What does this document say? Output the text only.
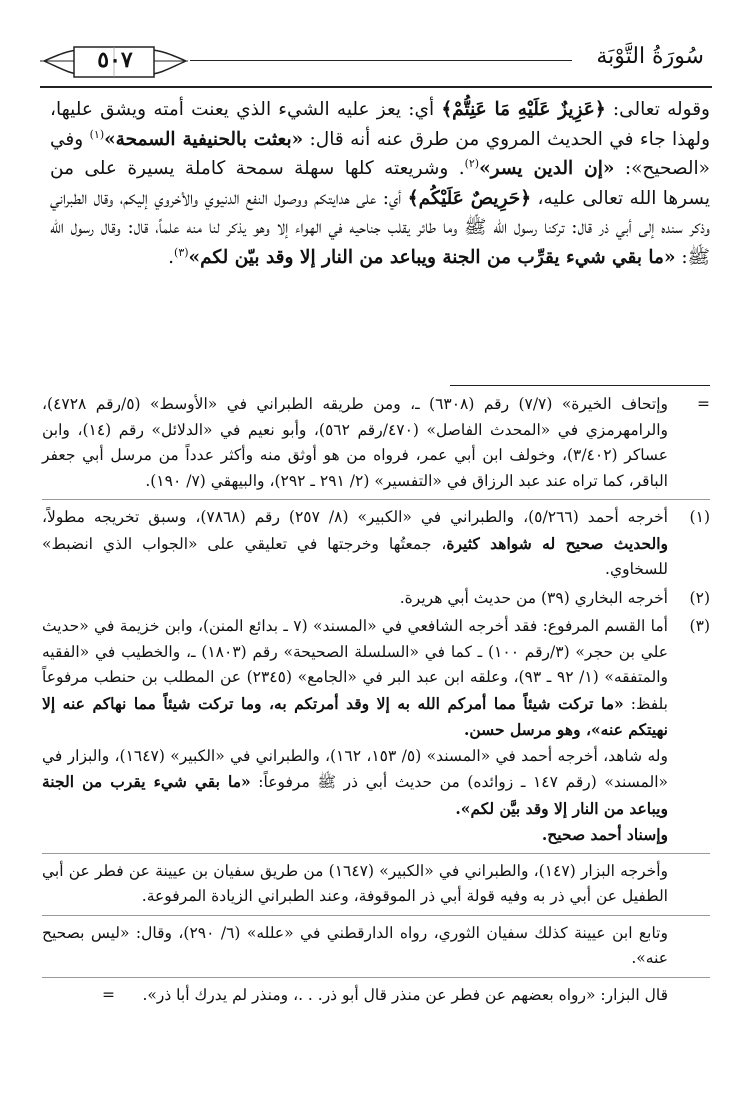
سُورَةُ التَّوْبَة
٥٠٧

وقوله تعالى: ﴿عَزِيزٌ عَلَيْهِ مَا عَنِتُّمْ﴾ أي: يعز عليه الشيء الذي يعنت أمته ويشق عليها، ولهذا جاء في الحديث المروي من طرق عنه أنه قال: «بعثت بالحنيفية السمحة»$^{(١)}$ وفي «الصحيح»: «إن الدين يسر»$^{(٢)}$. وشريعته كلها سهلة سمحة كاملة يسيرة على من يسرها الله تعالى عليه، ﴿حَرِيصٌ عَلَيْكُم﴾ أي: على هدايتكم ووصول النفع الدنيوي والأخروي إليكم، وقال الطبراني وذكر سنده إلى أبي ذر قال: تركنا رسول الله ﷺ وما طائر يقلب جناحيه في الهواء إلا وهو يذكر لنا منه علماً، قال: وقال رسول الله ﷺ: «ما بقي شيء يقرِّب من الجنة ويباعد من النار إلا وقد بيّن لكم»$^{(٣)}$.

=
وإتحاف الخيرة» (٧/٧) رقم (٦٣٠٨) ـ، ومن طريقه الطبراني في «الأوسط» (٥/رقم ٤٧٢٨)، والرامهرمزي في «المحدث الفاصل» (٤٧٠/رقم ٥٦٢)، وأبو نعيم في «الدلائل» رقم (١٤)، وابن عساكر (٣/٤٠٢)، وخولف ابن أبي عمر، فرواه من هو أوثق منه وأكثر عدداً من مرسل أبي جعفر الباقر، كما تراه عند عبد الرزاق في «التفسير» (٢/ ٢٩١ ـ ٢٩٢)، والبيهقي (٧/ ١٩٠).
(١)
أخرجه أحمد (٥/٢٦٦)، والطبراني في «الكبير» (٨/ ٢٥٧) رقم (٧٨٦٨)، وسبق تخريجه مطولاً، والحديث صحيح له شواهد كثيرة، جمعتُها وخرجتها في تعليقي على «الجواب الذي انضبط» للسخاوي.
(٢)
أخرجه البخاري (٣٩) من حديث أبي هريرة.
(٣)
أما القسم المرفوع: فقد أخرجه الشافعي في «المسند» (٧ ـ بدائع المنن)، وابن خزيمة في «حديث علي بن حجر» (٣/رقم ١٠٠) ـ كما في «السلسلة الصحيحة» رقم (١٨٠٣) ـ، والخطيب في «الفقيه والمتفقه» (١/ ٩٢ ـ ٩٣)، وعلقه ابن عبد البر في «الجامع» (٢٣٤٥) عن المطلب بن حنطب مرفوعاً بلفظ: «ما تركت شيئاً مما أمركم الله به إلا وقد أمرتكم به، وما تركت شيئاً مما نهاكم عنه إلا نهيتكم عنه»، وهو مرسل حسن.
وله شاهد، أخرجه أحمد في «المسند» (٥/ ١٥٣، ١٦٢)، والطبراني في «الكبير» (١٦٤٧)، والبزار في «المسند» (رقم ١٤٧ ـ زوائده) من حديث أبي ذر ﷺ مرفوعاً: «ما بقي شيء يقرب من الجنة ويباعد من النار إلا وقد بيَّن لكم».
وإسناد أحمد صحيح.
وأخرجه البزار (١٤٧)، والطبراني في «الكبير» (١٦٤٧) من طريق سفيان بن عيينة عن فطر عن أبي الطفيل عن أبي ذر به وفيه قولة أبي ذر الموقوفة، وعند الطبراني الزيادة المرفوعة.
وتابع ابن عيينة كذلك سفيان الثوري، رواه الدارقطني في «علله» (٦/ ٢٩٠)، وقال: «ليس بصحيح عنه».
قال البزار: «رواه بعضهم عن فطر عن منذر قال أبو ذر. . .، ومنذر لم يدرك أبا ذر».
=
